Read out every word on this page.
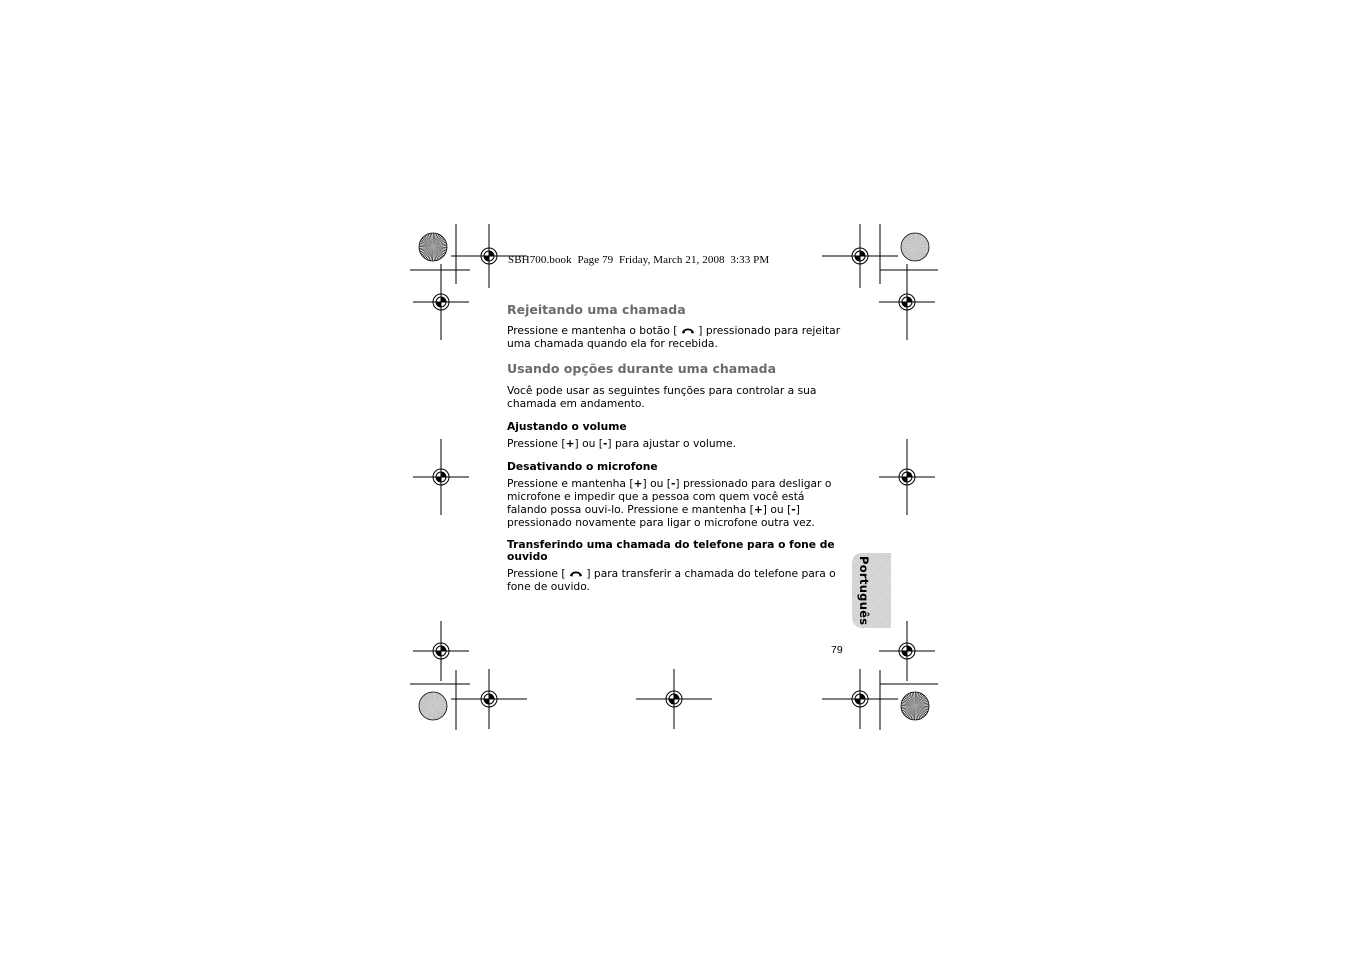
SBH700.book  Page 79  Friday, March 21, 2008  3:33 PM
Rejeitando uma chamada

Pressione e mantenha o botão [  ] pressionado para rejeitar uma chamada quando ela for recebida.

Usando opções durante uma chamada

Você pode usar as seguintes funções para controlar a sua chamada em andamento.

Ajustando o volume

Pressione [+] ou [-] para ajustar o volume.

Desativando o microfone

Pressione e mantenha [+] ou [-] pressionado para desligar o microfone e impedir que a pessoa com quem você está falando possa ouvi-lo. Pressione e mantenha [+] ou [-] pressionado novamente para ligar o microfone outra vez.

Transferindo uma chamada do telefone para o fone de ouvido

Pressione [  ] para transferir a chamada do telefone para o fone de ouvido.	Português
79
